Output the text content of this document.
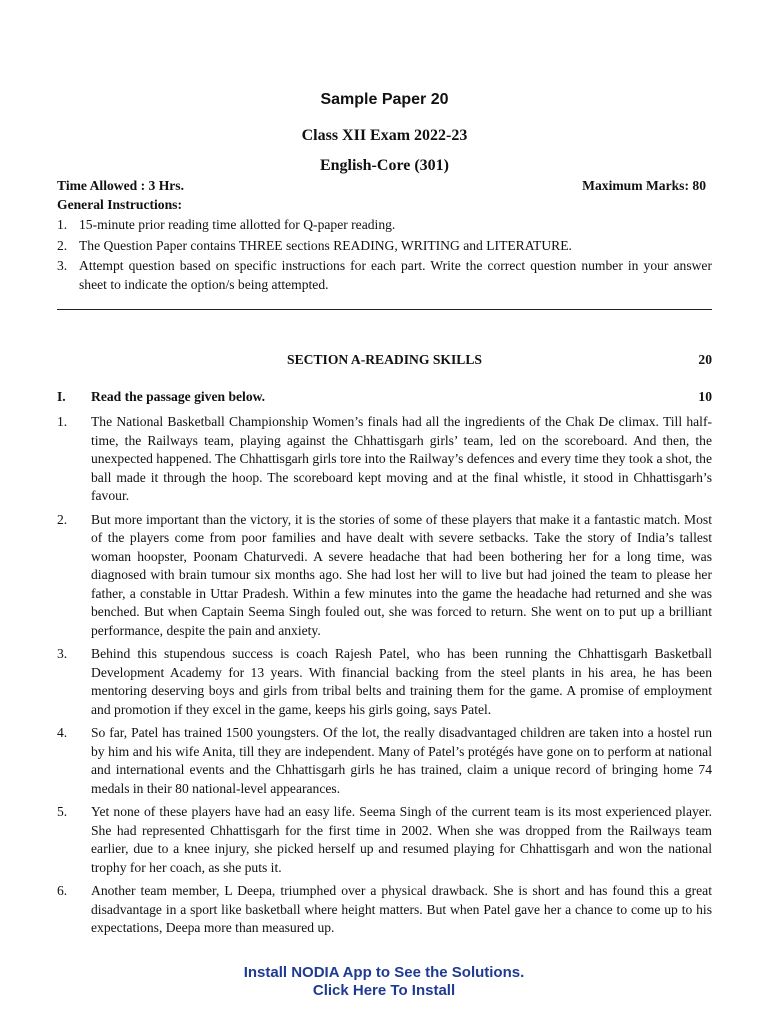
Sample Paper 20
Class XII Exam 2022-23
English-Core (301)
Time Allowed : 3 Hrs.	Maximum Marks: 80
General Instructions:
1. 15-minute prior reading time allotted for Q-paper reading.
2. The Question Paper contains THREE sections READING, WRITING and LITERATURE.
3. Attempt question based on specific instructions for each part. Write the correct question number in your answer sheet to indicate the option/s being attempted.
SECTION A-READING SKILLS	20
I.	Read the passage given below.	10
1.	The National Basketball Championship Women’s finals had all the ingredients of the Chak De climax. Till half-time, the Railways team, playing against the Chhattisgarh girls’ team, led on the scoreboard. And then, the unexpected happened. The Chhattisgarh girls tore into the Railway’s defences and every time they took a shot, the ball made it through the hoop. The scoreboard kept moving and at the final whistle, it stood in Chhattisgarh’s favour.
2.	But more important than the victory, it is the stories of some of these players that make it a fantastic match. Most of the players come from poor families and have dealt with severe setbacks. Take the story of India’s tallest woman hoopster, Poonam Chaturvedi. A severe headache that had been bothering her for a long time, was diagnosed with brain tumour six months ago. She had lost her will to live but had joined the team to please her father, a constable in Uttar Pradesh. Within a few minutes into the game the headache had returned and she was benched. But when Captain Seema Singh fouled out, she was forced to return. She went on to put up a brilliant performance, despite the pain and anxiety.
3.	Behind this stupendous success is coach Rajesh Patel, who has been running the Chhattisgarh Basketball Development Academy for 13 years. With financial backing from the steel plants in his area, he has been mentoring deserving boys and girls from tribal belts and training them for the game. A promise of employment and promotion if they excel in the game, keeps his girls going, says Patel.
4.	So far, Patel has trained 1500 youngsters. Of the lot, the really disadvantaged children are taken into a hostel run by him and his wife Anita, till they are independent. Many of Patel’s protégés have gone on to perform at national and international events and the Chhattisgarh girls he has trained, claim a unique record of bringing home 74 medals in their 80 national-level appearances.
5.	Yet none of these players have had an easy life. Seema Singh of the current team is its most experienced player. She had represented Chhattisgarh for the first time in 2002. When she was dropped from the Railways team earlier, due to a knee injury, she picked herself up and resumed playing for Chhattisgarh and won the national trophy for her coach, as she puts it.
6.	Another team member, L Deepa, triumphed over a physical drawback. She is short and has found this a great disadvantage in a sport like basketball where height matters. But when Patel gave her a chance to come up to his expectations, Deepa more than measured up.
Install NODIA App to See the Solutions.
Click Here To Install
